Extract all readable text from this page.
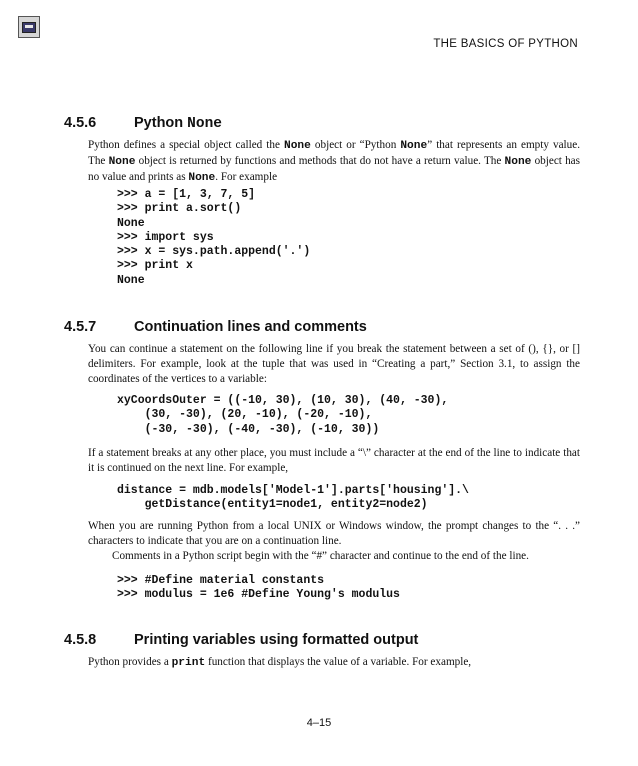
THE BASICS OF PYTHON
4.5.6	Python None
Python defines a special object called the None object or “Python None” that represents an empty value. The None object is returned by functions and methods that do not have a return value. The None object has no value and prints as None. For example
>>> a = [1, 3, 7, 5]
>>> print a.sort()
None
>>> import sys
>>> x = sys.path.append('.')
>>> print x
None
4.5.7	Continuation lines and comments
You can continue a statement on the following line if you break the statement between a set of (), {}, or [] delimiters. For example, look at the tuple that was used in “Creating a part,” Section 3.1, to assign the coordinates of the vertices to a variable:
xyCoordsOuter = ((-10, 30), (10, 30), (40, -30),
(30, -30), (20, -10), (-20, -10),
(-30, -30), (-40, -30), (-10, 30))
If a statement breaks at any other place, you must include a “\” character at the end of the line to indicate that it is continued on the next line. For example,
distance = mdb.models['Model-1'].parts['housing'].\
getDistance(entity1=node1, entity2=node2)
When you are running Python from a local UNIX or Windows window, the prompt changes to the “. . .” characters to indicate that you are on a continuation line.
Comments in a Python script begin with the “#” character and continue to the end of the line.
>>> #Define material constants
>>> modulus = 1e6 #Define Young's modulus
4.5.8	Printing variables using formatted output
Python provides a print function that displays the value of a variable. For example,
4–15
